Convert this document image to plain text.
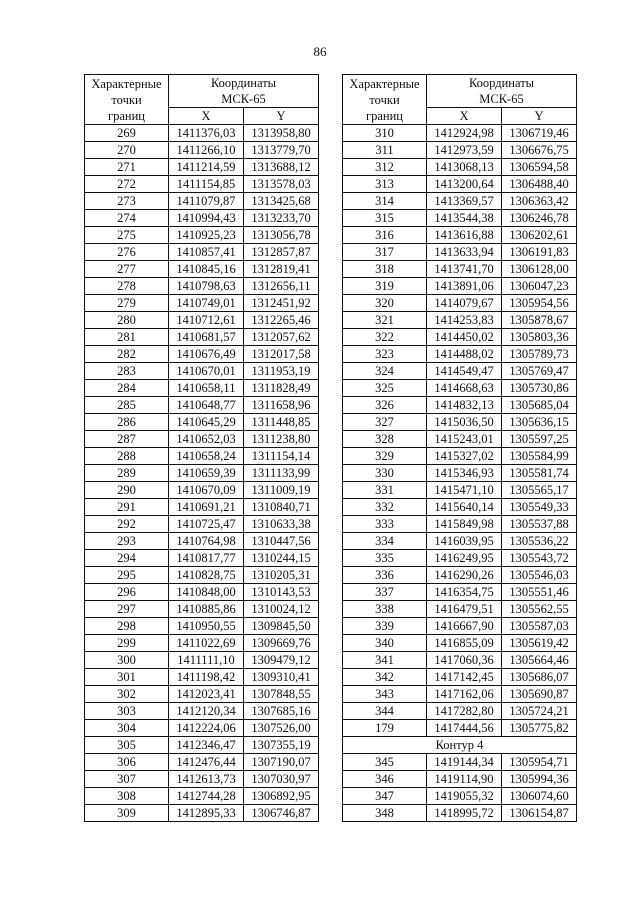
86
Характерные
точки
границ	Координаты
МСК-65	
	X	Y
269	1411376,03	1313958,80
270	1411266,10	1313779,70
271	1411214,59	1313688,12
272	1411154,85	1313578,03
273	1411079,87	1313425,68
274	1410994,43	1313233,70
275	1410925,23	1313056,78
276	1410857,41	1312857,87
277	1410845,16	1312819,41
278	1410798,63	1312656,11
279	1410749,01	1312451,92
280	1410712,61	1312265,46
281	1410681,57	1312057,62
282	1410676,49	1312017,58
283	1410670,01	1311953,19
284	1410658,11	1311828,49
285	1410648,77	1311658,96
286	1410645,29	1311448,85
287	1410652,03	1311238,80
288	1410658,24	1311154,14
289	1410659,39	1311133,99
290	1410670,09	1311009,19
291	1410691,21	1310840,71
292	1410725,47	1310633,38
293	1410764,98	1310447,56
294	1410817,77	1310244,15
295	1410828,75	1310205,31
296	1410848,00	1310143,53
297	1410885,86	1310024,12
298	1410950,55	1309845,50
299	1411022,69	1309669,76
300	1411111,10	1309479,12
301	1411198,42	1309310,41
302	1412023,41	1307848,55
303	1412120,34	1307685,16
304	1412224,06	1307526,00
305	1412346,47	1307355,19
306	1412476,44	1307190,07
307	1412613,73	1307030,97
308	1412744,28	1306892,95
309	1412895,33	1306746,87
Характерные
точки
границ	Координаты
МСК-65	
	X	Y
310	1412924,98	1306719,46
311	1412973,59	1306676,75
312	1413068,13	1306594,58
313	1413200,64	1306488,40
314	1413369,57	1306363,42
315	1413544,38	1306246,78
316	1413616,88	1306202,61
317	1413633,94	1306191,83
318	1413741,70	1306128,00
319	1413891,06	1306047,23
320	1414079,67	1305954,56
321	1414253,83	1305878,67
322	1414450,02	1305803,36
323	1414488,02	1305789,73
324	1414549,47	1305769,47
325	1414668,63	1305730,86
326	1414832,13	1305685,04
327	1415036,50	1305636,15
328	1415243,01	1305597,25
329	1415327,02	1305584,99
330	1415346,93	1305581,74
331	1415471,10	1305565,17
332	1415640,14	1305549,33
333	1415849,98	1305537,88
334	1416039,95	1305536,22
335	1416249,95	1305543,72
336	1416290,26	1305546,03
337	1416354,75	1305551,46
338	1416479,51	1305562,55
339	1416667,90	1305587,03
340	1416855,09	1305619,42
341	1417060,36	1305664,46
342	1417142,45	1305686,07
343	1417162,06	1305690,87
344	1417282,80	1305724,21
179	1417444,56	1305775,82
Контур 4		
345	1419144,34	1305954,71
346	1419114,90	1305994,36
347	1419055,32	1306074,60
348	1418995,72	1306154,87
